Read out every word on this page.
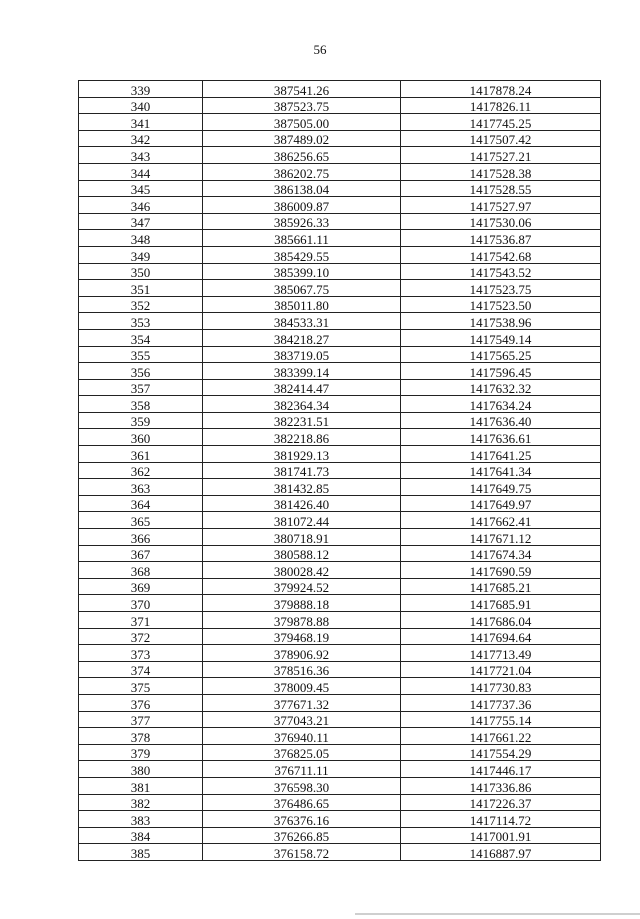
56
339	387541.26	1417878.24
340	387523.75	1417826.11
341	387505.00	1417745.25
342	387489.02	1417507.42
343	386256.65	1417527.21
344	386202.75	1417528.38
345	386138.04	1417528.55
346	386009.87	1417527.97
347	385926.33	1417530.06
348	385661.11	1417536.87
349	385429.55	1417542.68
350	385399.10	1417543.52
351	385067.75	1417523.75
352	385011.80	1417523.50
353	384533.31	1417538.96
354	384218.27	1417549.14
355	383719.05	1417565.25
356	383399.14	1417596.45
357	382414.47	1417632.32
358	382364.34	1417634.24
359	382231.51	1417636.40
360	382218.86	1417636.61
361	381929.13	1417641.25
362	381741.73	1417641.34
363	381432.85	1417649.75
364	381426.40	1417649.97
365	381072.44	1417662.41
366	380718.91	1417671.12
367	380588.12	1417674.34
368	380028.42	1417690.59
369	379924.52	1417685.21
370	379888.18	1417685.91
371	379878.88	1417686.04
372	379468.19	1417694.64
373	378906.92	1417713.49
374	378516.36	1417721.04
375	378009.45	1417730.83
376	377671.32	1417737.36
377	377043.21	1417755.14
378	376940.11	1417661.22
379	376825.05	1417554.29
380	376711.11	1417446.17
381	376598.30	1417336.86
382	376486.65	1417226.37
383	376376.16	1417114.72
384	376266.85	1417001.91
385	376158.72	1416887.97
